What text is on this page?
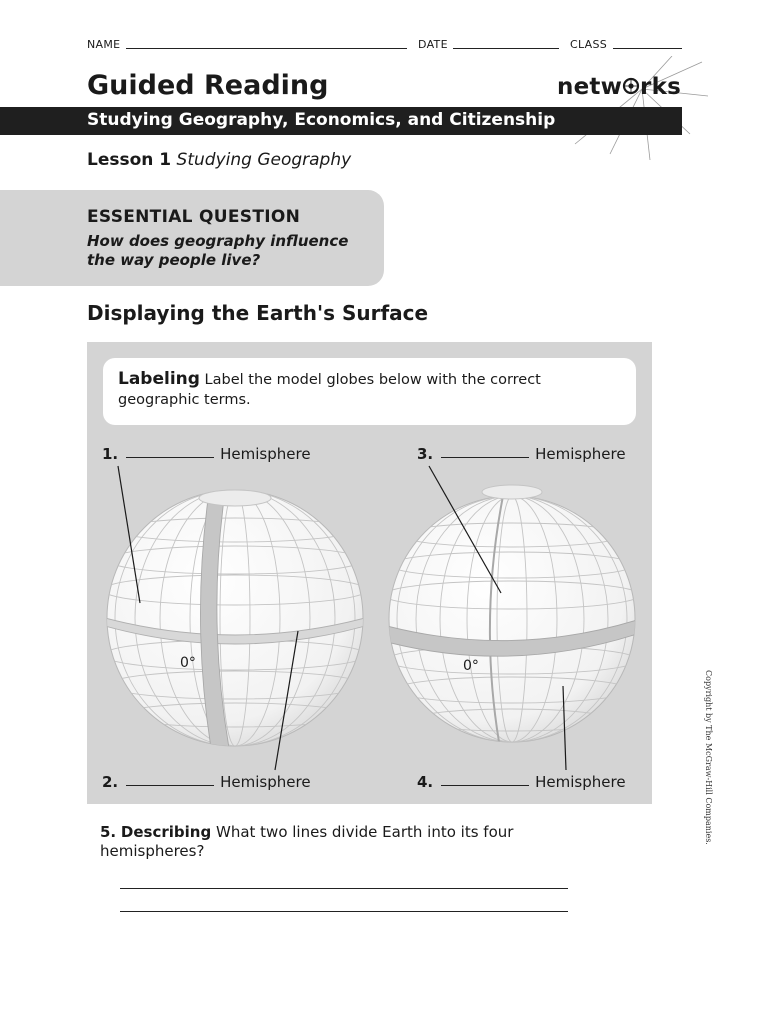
NAME	DATE	CLASS
Guided Reading	netw rks
Studying Geography, Economics, and Citizenship
Lesson 1 Studying Geography
ESSENTIAL QUESTION
How does geography influence the way people live?
Displaying the Earth's Surface
Labeling Label the model globes below with the correct geographic terms.
1.	Hemisphere
2.	Hemisphere
3.	Hemisphere
4.	Hemisphere
0°	0°
5. Describing What two lines divide Earth into its four hemispheres?
Copyright by The McGraw-Hill Companies.
